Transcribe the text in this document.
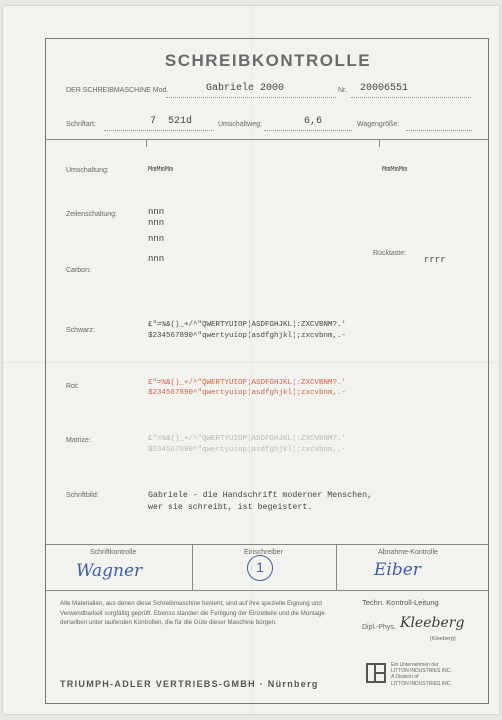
SCHREIBKONTROLLE
DER SCHREIBMASCHINE Mod.	Gabriele 2000	Nr. 20006551
Schriftart:	7 521d	Umschaltweg:	6,6	Wagengröße:
Umschaltung:	MmMmMm	MmMmMm
Zeilenschaltung:	nnn
nnn
nnn
Carbon:
nnn
Rücktaste:
rrrr
Schwarz:
£"=%&()_+/^"QWERTYUIOP¦ASDFGHJKL¦:ZXCVBNM?.'
$234567890^"qwertyuiop¦asdfghjkl¦;zxcvbnm,.-
Rot:	£"=%&()_+/^"QWERTYUIOP¦ASDFGHJKL¦:ZXCVBNM?.'
$234567890^"qwertyuiop¦asdfghjkl¦;zxcvbnm,.-
Matrize:	£"=%&()_+/^"QWERTYUIOP¦ASDFGHJKL¦:ZXCVBNM?.'
$234567890^"qwertyuiop¦asdfghjkl¦;zxcvbnm,.-
Schriftbild:	Gabriele - die Handschrift moderner Menschen,
wer sie schreibt, ist begeistert.
Schriftkontrolle
Wagner
Einschreiber
1
Abnahme-Kontrolle
Eiber
Alle Materialien, aus denen diese Schreibmaschine besteht, sind auf ihre spezielle Eignung und Verwendbarkeit sorgfältig geprüft. Ebenso standen die Fertigung der Einzelteile und die Montage derselben unter laufenden Kontrollen, die für die Güte dieser Maschine bürgen.
Techn. Kontroll-Leitung
Dipl.-Phys. Kleeberg
(Kleeberg)
TRIUMPH-ADLER VERTRIEBS-GMBH · Nürnberg
Ein Unternehmen der
LITTON INDUSTRIES INC.
A Division of
LITTON INDUSTRIES INC.
